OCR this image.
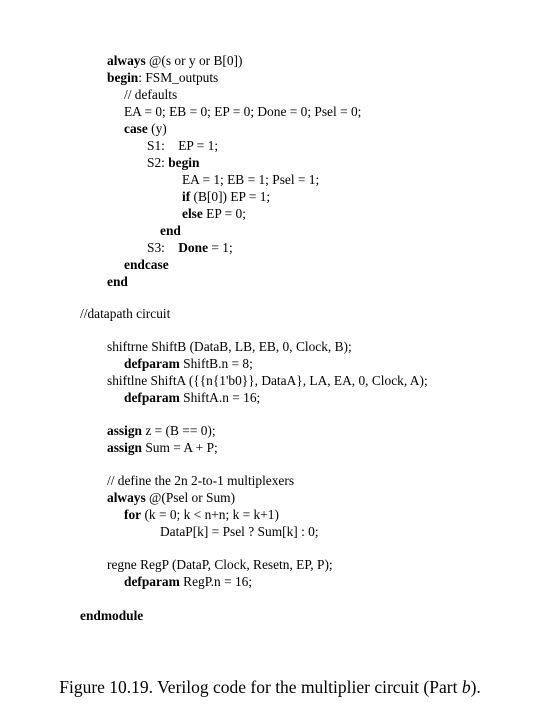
always @(s or y or B[0])
begin: FSM_outputs
// defaults
EA = 0; EB = 0; EP = 0; Done = 0; Psel = 0;
case (y)
S1:    EP = 1;
S2: begin
EA = 1; EB = 1; Psel = 1;
if (B[0]) EP = 1;
else EP = 0;
end
S3:    Done = 1;
endcase
end
//datapath circuit
shiftrne ShiftB (DataB, LB, EB, 0, Clock, B);
defparam ShiftB.n = 8;
shiftlne ShiftA ({{n{1'b0}}, DataA}, LA, EA, 0, Clock, A);
defparam ShiftA.n = 16;
assign z = (B == 0);
assign Sum = A + P;
// define the 2n 2-to-1 multiplexers
always @(Psel or Sum)
for (k = 0; k < n+n; k = k+1)
DataP[k] = Psel ? Sum[k] : 0;
regne RegP (DataP, Clock, Resetn, EP, P);
defparam RegP.n = 16;
endmodule
Figure 10.19. Verilog code for the multiplier circuit (Part b).
